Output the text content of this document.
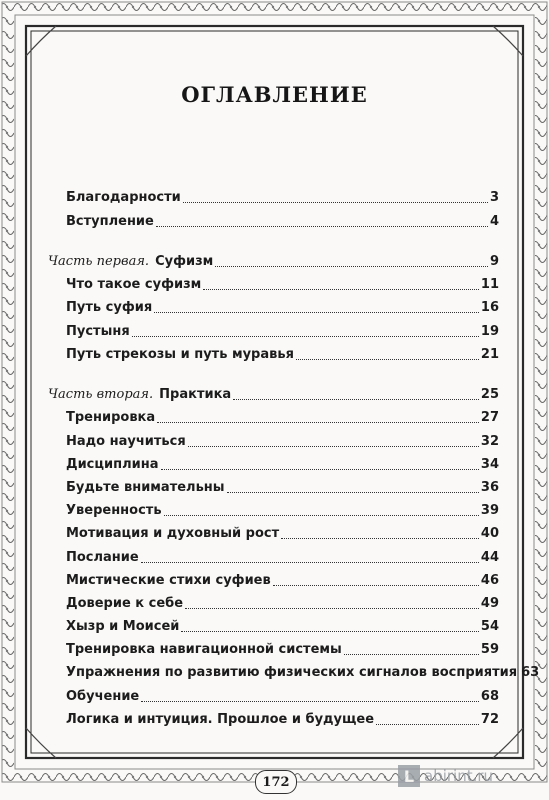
ОГЛАВЛЕНИЕ
Благодарности	3
Вступление	4
Часть первая. Суфизм	9
Что такое суфизм	11
Путь суфия	16
Пустыня	19
Путь стрекозы и путь муравья	21
Часть вторая. Практика	25
Тренировка	27
Надо научиться	32
Дисциплина	34
Будьте внимательны	36
Уверенность	39
Мотивация и духовный рост	40
Послание	44
Мистические стихи суфиев	46
Доверие к себе	49
Хызр и Моисей	54
Тренировка навигационной системы	59
Упражнения по развитию физических сигналов восприятия 63
Обучение	68
Логика и интуиция. Прошлое и будущее	72
172	L abirint.ru
